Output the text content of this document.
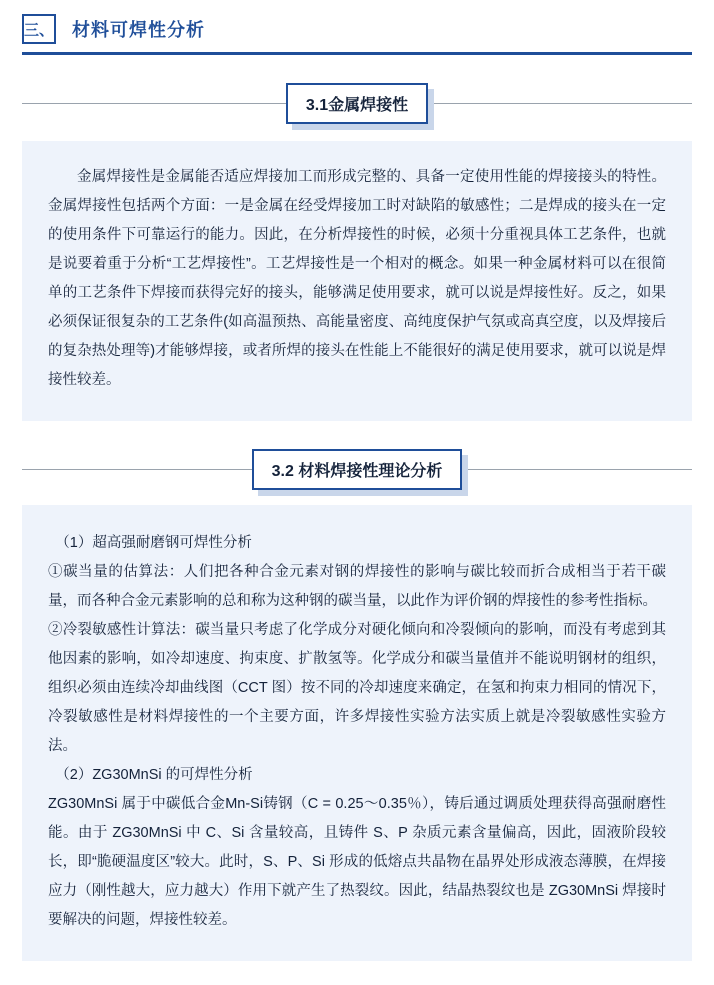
三、 材料可焊性分析
3.1金属焊接性

金属焊接性是金属能否适应焊接加工而形成完整的、具备一定使用性能的焊接接头的特性。金属焊接性包括两个方面：一是金属在经受焊接加工时对缺陷的敏感性；二是焊成的接头在一定的使用条件下可靠运行的能力。因此，在分析焊接性的时候，必须十分重视具体工艺条件，也就是说要着重于分析“工艺焊接性”。工艺焊接性是一个相对的概念。如果一种金属材料可以在很简单的工艺条件下焊接而获得完好的接头，能够满足使用要求，就可以说是焊接性好。反之，如果必须保证很复杂的工艺条件(如高温预热、高能量密度、高纯度保护气氛或高真空度，以及焊接后的复杂热处理等)才能够焊接，或者所焊的接头在性能上不能很好的满足使用要求，就可以说是焊接性较差。

3.2 材料焊接性理论分析

（1）超高强耐磨钢可焊性分析

①碳当量的估算法：人们把各种合金元素对钢的焊接性的影响与碳比较而折合成相当于若干碳量，而各种合金元素影响的总和称为这种钢的碳当量，以此作为评价钢的焊接性的参考性指标。

②冷裂敏感性计算法：碳当量只考虑了化学成分对硬化倾向和冷裂倾向的影响，而没有考虑到其他因素的影响，如冷却速度、拘束度、扩散氢等。化学成分和碳当量值并不能说明钢材的组织，组织必须由连续冷却曲线图（CCT 图）按不同的冷却速度来确定，在氢和拘束力相同的情况下，冷裂敏感性是材料焊接性的一个主要方面，许多焊接性实验方法实质上就是冷裂敏感性实验方法。

（2）ZG30MnSi 的可焊性分析

ZG30MnSi 属于中碳低合金Mn-Si铸钢（C = 0.25～0.35％），铸后通过调质处理获得高强耐磨性能。由于 ZG30MnSi 中 C、Si 含量较高，且铸件 S、P 杂质元素含量偏高，因此，固液阶段较长，即“脆硬温度区”较大。此时，S、P、Si 形成的低熔点共晶物在晶界处形成液态薄膜，在焊接应力（刚性越大，应力越大）作用下就产生了热裂纹。因此，结晶热裂纹也是 ZG30MnSi 焊接时要解决的问题，焊接性较差。
